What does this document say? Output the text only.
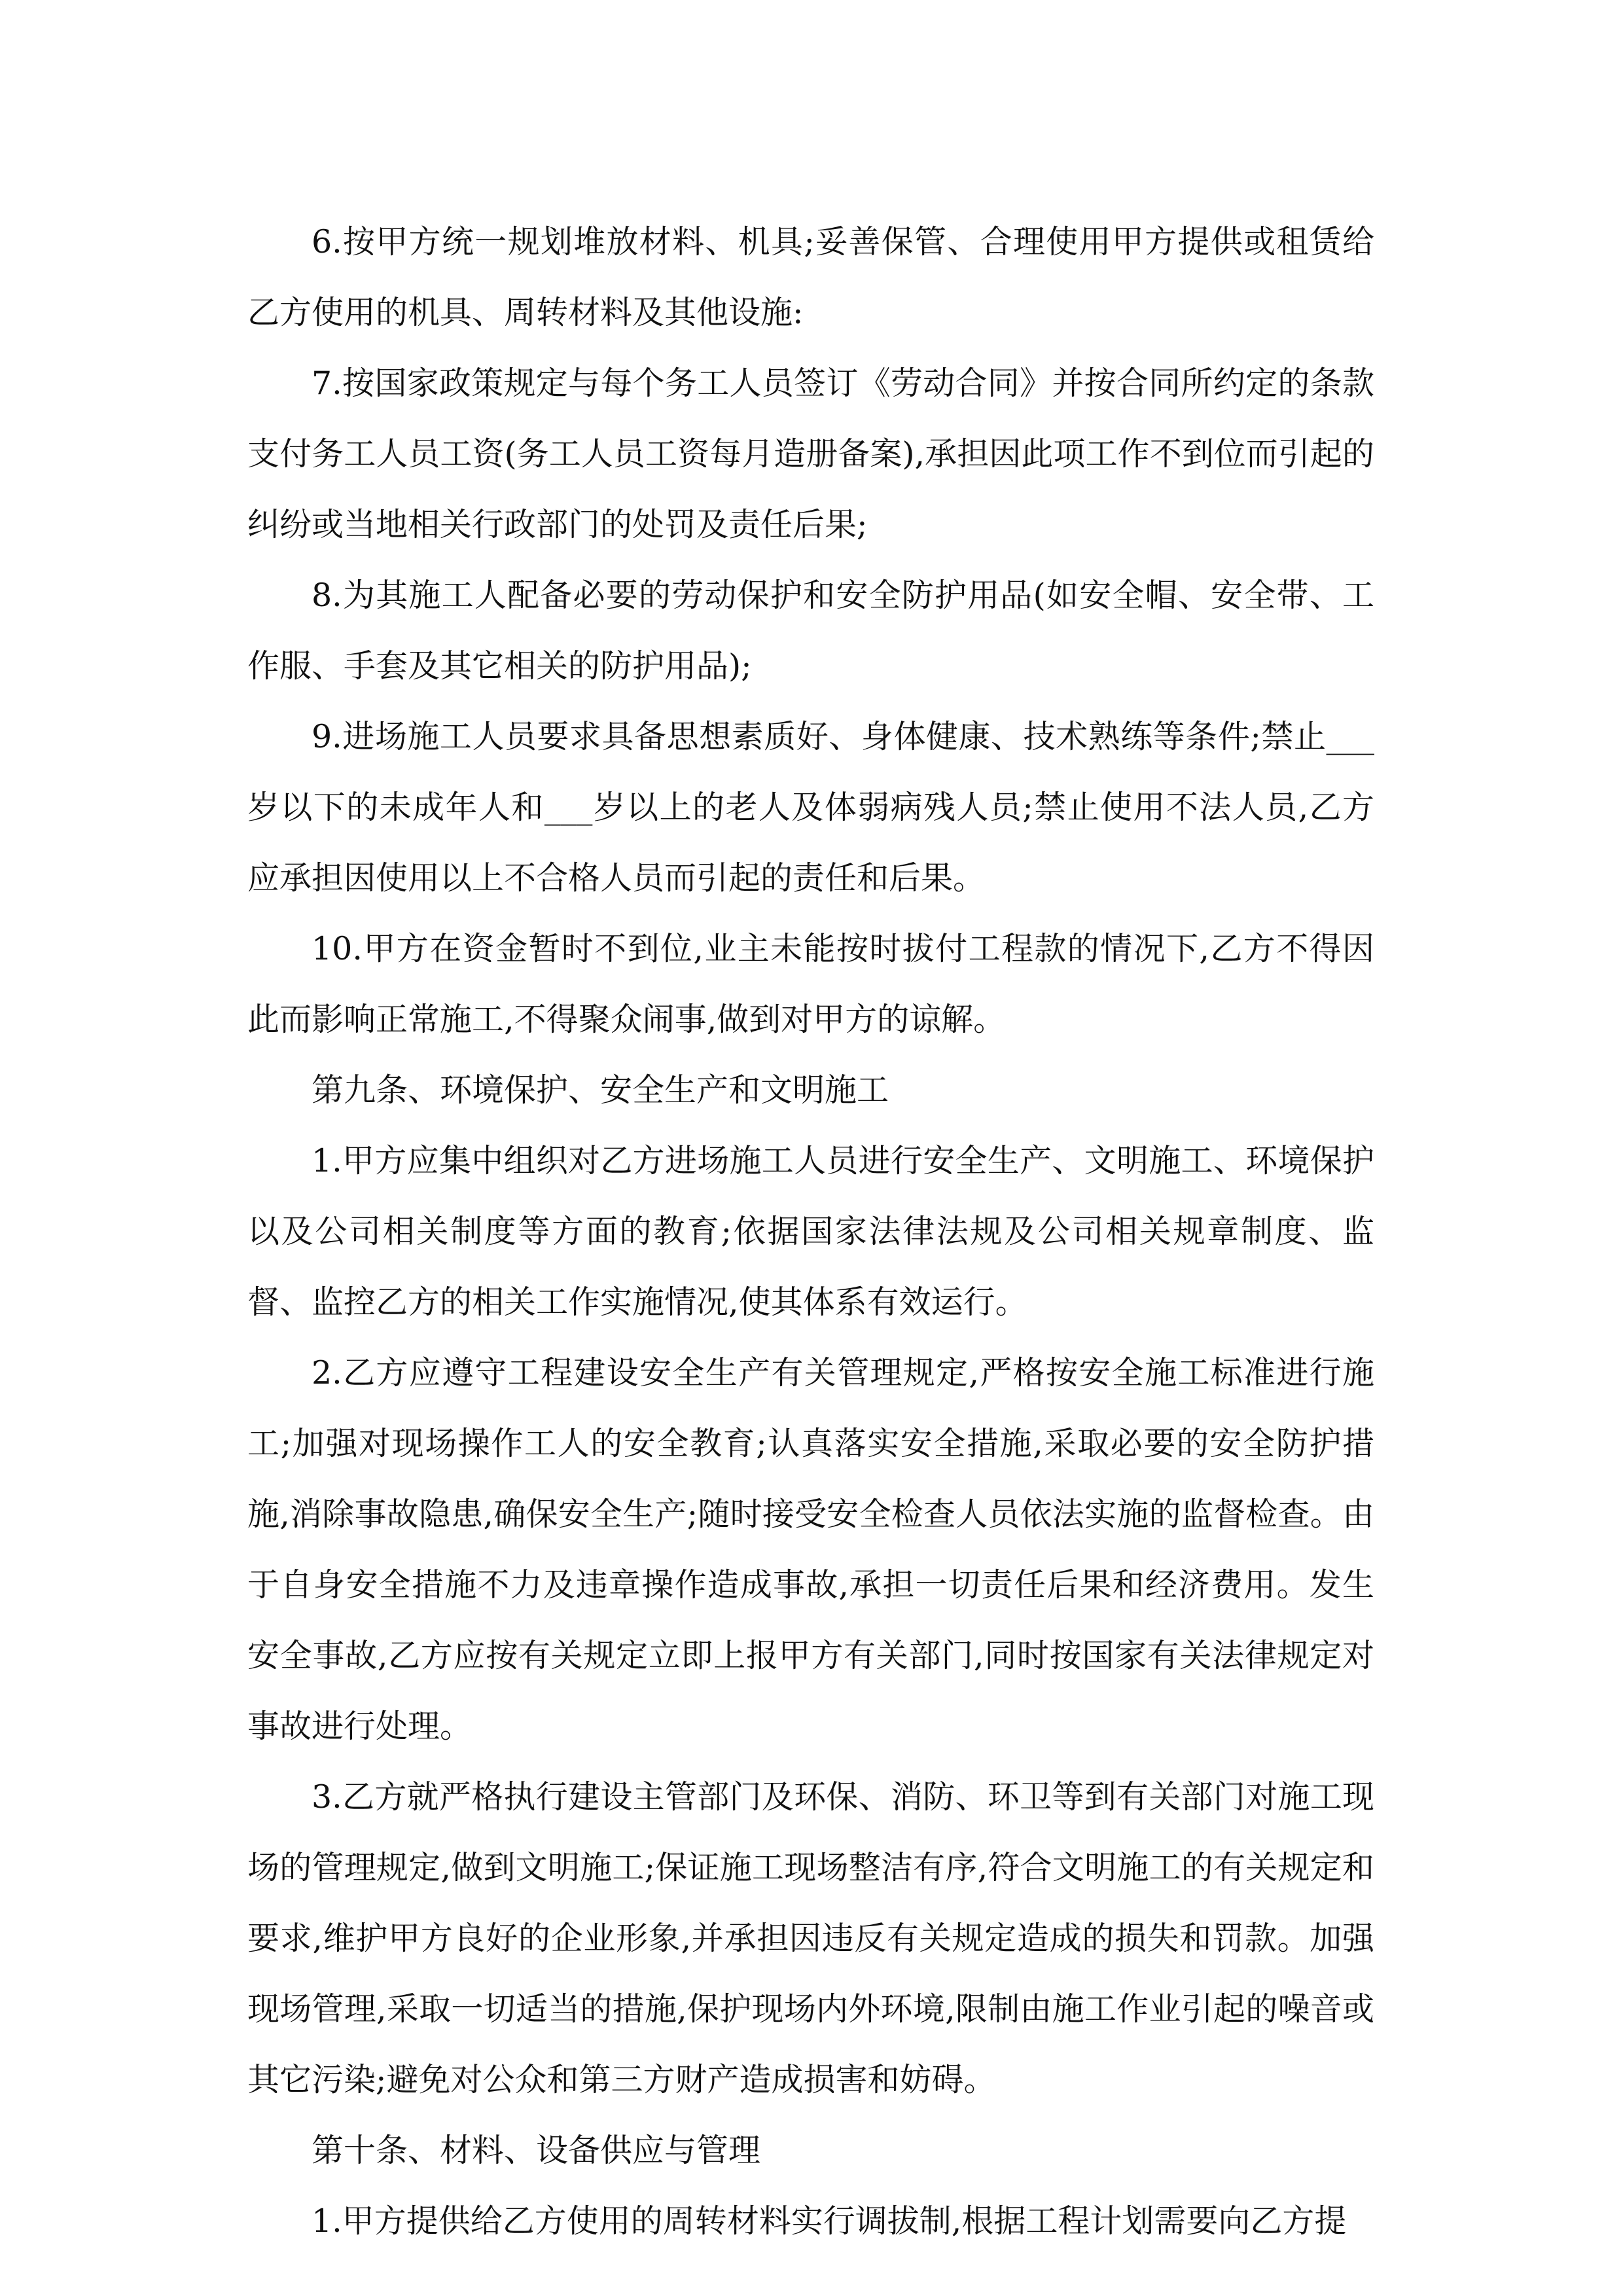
6.按甲方统一规划堆放材料、机具;妥善保管、合理使用甲方提供或租赁给乙方使用的机具、周转材料及其他设施:

7.按国家政策规定与每个务工人员签订《劳动合同》并按合同所约定的条款支付务工人员工资(务工人员工资每月造册备案),承担因此项工作不到位而引起的纠纷或当地相关行政部门的处罚及责任后果;

8.为其施工人配备必要的劳动保护和安全防护用品(如安全帽、安全带、工作服、手套及其它相关的防护用品);

9.进场施工人员要求具备思想素质好、身体健康、技术熟练等条件;禁止___岁以下的未成年人和___岁以上的老人及体弱病残人员;禁止使用不法人员,乙方应承担因使用以上不合格人员而引起的责任和后果。

10.甲方在资金暂时不到位,业主未能按时拔付工程款的情况下,乙方不得因此而影响正常施工,不得聚众闹事,做到对甲方的谅解。

第九条、环境保护、安全生产和文明施工

1.甲方应集中组织对乙方进场施工人员进行安全生产、文明施工、环境保护以及公司相关制度等方面的教育;依据国家法律法规及公司相关规章制度、监督、监控乙方的相关工作实施情况,使其体系有效运行。

2.乙方应遵守工程建设安全生产有关管理规定,严格按安全施工标准进行施工;加强对现场操作工人的安全教育;认真落实安全措施,采取必要的安全防护措施,消除事故隐患,确保安全生产;随时接受安全检查人员依法实施的监督检查。由于自身安全措施不力及违章操作造成事故,承担一切责任后果和经济费用。发生安全事故,乙方应按有关规定立即上报甲方有关部门,同时按国家有关法律规定对事故进行处理。

3.乙方就严格执行建设主管部门及环保、消防、环卫等到有关部门对施工现场的管理规定,做到文明施工;保证施工现场整洁有序,符合文明施工的有关规定和要求,维护甲方良好的企业形象,并承担因违反有关规定造成的损失和罚款。加强现场管理,采取一切适当的措施,保护现场内外环境,限制由施工作业引起的噪音或其它污染;避免对公众和第三方财产造成损害和妨碍。

第十条、材料、设备供应与管理

1.甲方提供给乙方使用的周转材料实行调拔制,根据工程计划需要向乙方提
